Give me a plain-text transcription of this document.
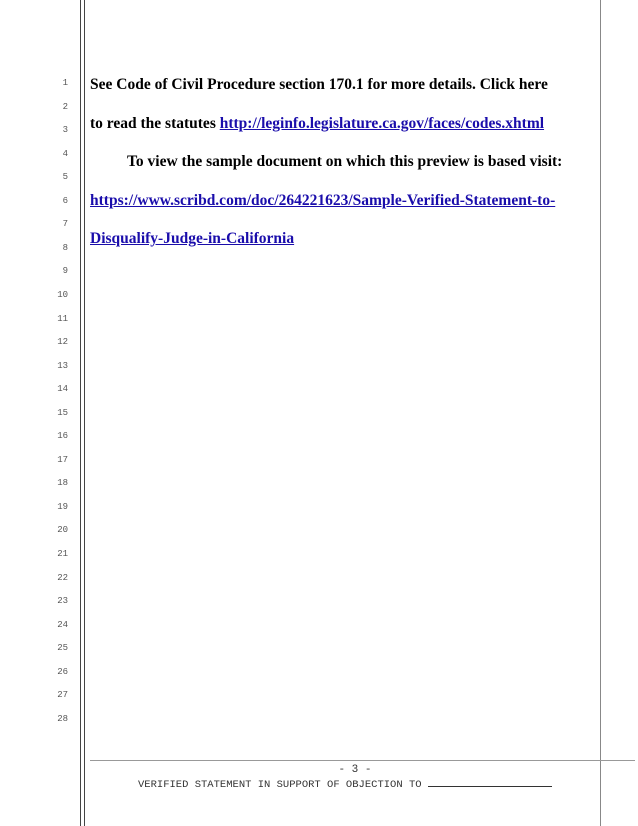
1
2
3
4
5
6
7
8
9
10
11
12
13
14
15
16
17
18
19
20
21
22
23
24
25
26
27
28
See Code of Civil Procedure section 170.1 for more details. Click here
to read the statutes http://leginfo.legislature.ca.gov/faces/codes.xhtml
To view the sample document on which this preview is based visit:
https://www.scribd.com/doc/264221623/Sample-Verified-Statement-to-
Disqualify-Judge-in-California
- 3 -
VERIFIED STATEMENT IN SUPPORT OF OBJECTION TO
